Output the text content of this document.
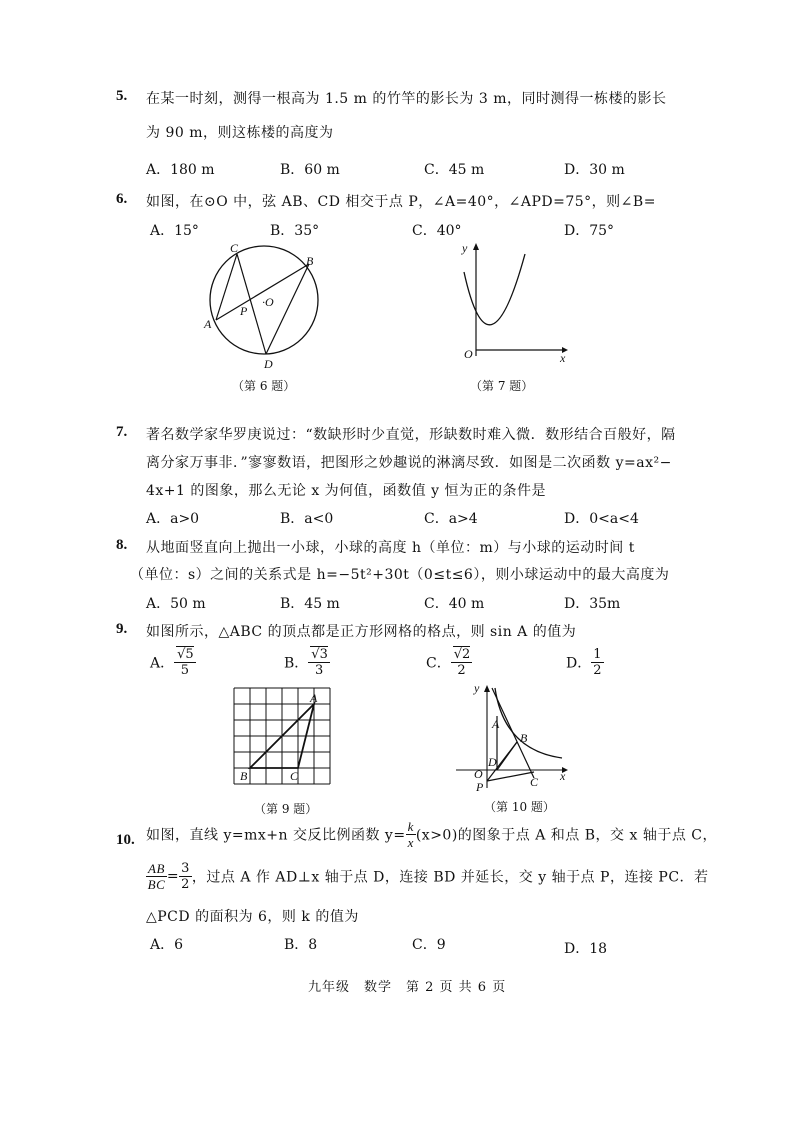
5. 在某一时刻，测得一根高为 1.5 m 的竹竿的影长为 3 m，同时测得一栋楼的影长
为 90 m，则这栋楼的高度为
A．180 m	B．60 m	C．45 m	D．30 m
6. 如图，在⊙O 中，弦 AB、CD 相交于点 P，∠A=40°，∠APD=75°，则∠B=
A．15°	B．35°	C．40°	D．75°
C
B
·O
P
A
D
（第 6 题）
y
x
O
（第 7 题）
7. 著名数学家华罗庚说过：“数缺形时少直觉，形缺数时难入微．数形结合百般好，隔
离分家万事非．”寥寥数语，把图形之妙趣说的淋漓尽致．如图是二次函数 y=ax²−
4x+1 的图象，那么无论 x 为何值，函数值 y 恒为正的条件是
A．a>0	B．a<0	C．a>4	D．0<a<4
8. 从地面竖直向上抛出一小球，小球的高度 h（单位：m）与小球的运动时间 t
（单位：s）之间的关系式是 h=−5t²+30t（0≤t≤6），则小球运动中的最大高度为
A．50 m	B．45 m	C．40 m	D．35m
9. 如图所示，△ABC 的顶点都是正方形网格的格点，则 sin A 的值为
A． $\frac{√5}{5}$	B． $\frac{√3}{3}$	C． $\frac{√2}{2}$	D． $\frac{1}{2}$
A
B	C
（第 9 题）
y
x
A
B
C
D
O
P
（第 10 题）
10. 如图，直线 y=mx+n 交反比例函数 $y= \frac{k}{x} (x>0)$的图象于点 A 和点 B，交 x 轴于点 C，
$\frac{AB}{BC} = \frac{3}{2}$ ，过点 A 作 AD⊥x 轴于点 D，连接 BD 并延长，交 y 轴于点 P，连接 PC．若
△PCD 的面积为 6，则 k 的值为
A．6	B．8	C．9	D．18
九年级　数学　第 2 页 共 6 页
